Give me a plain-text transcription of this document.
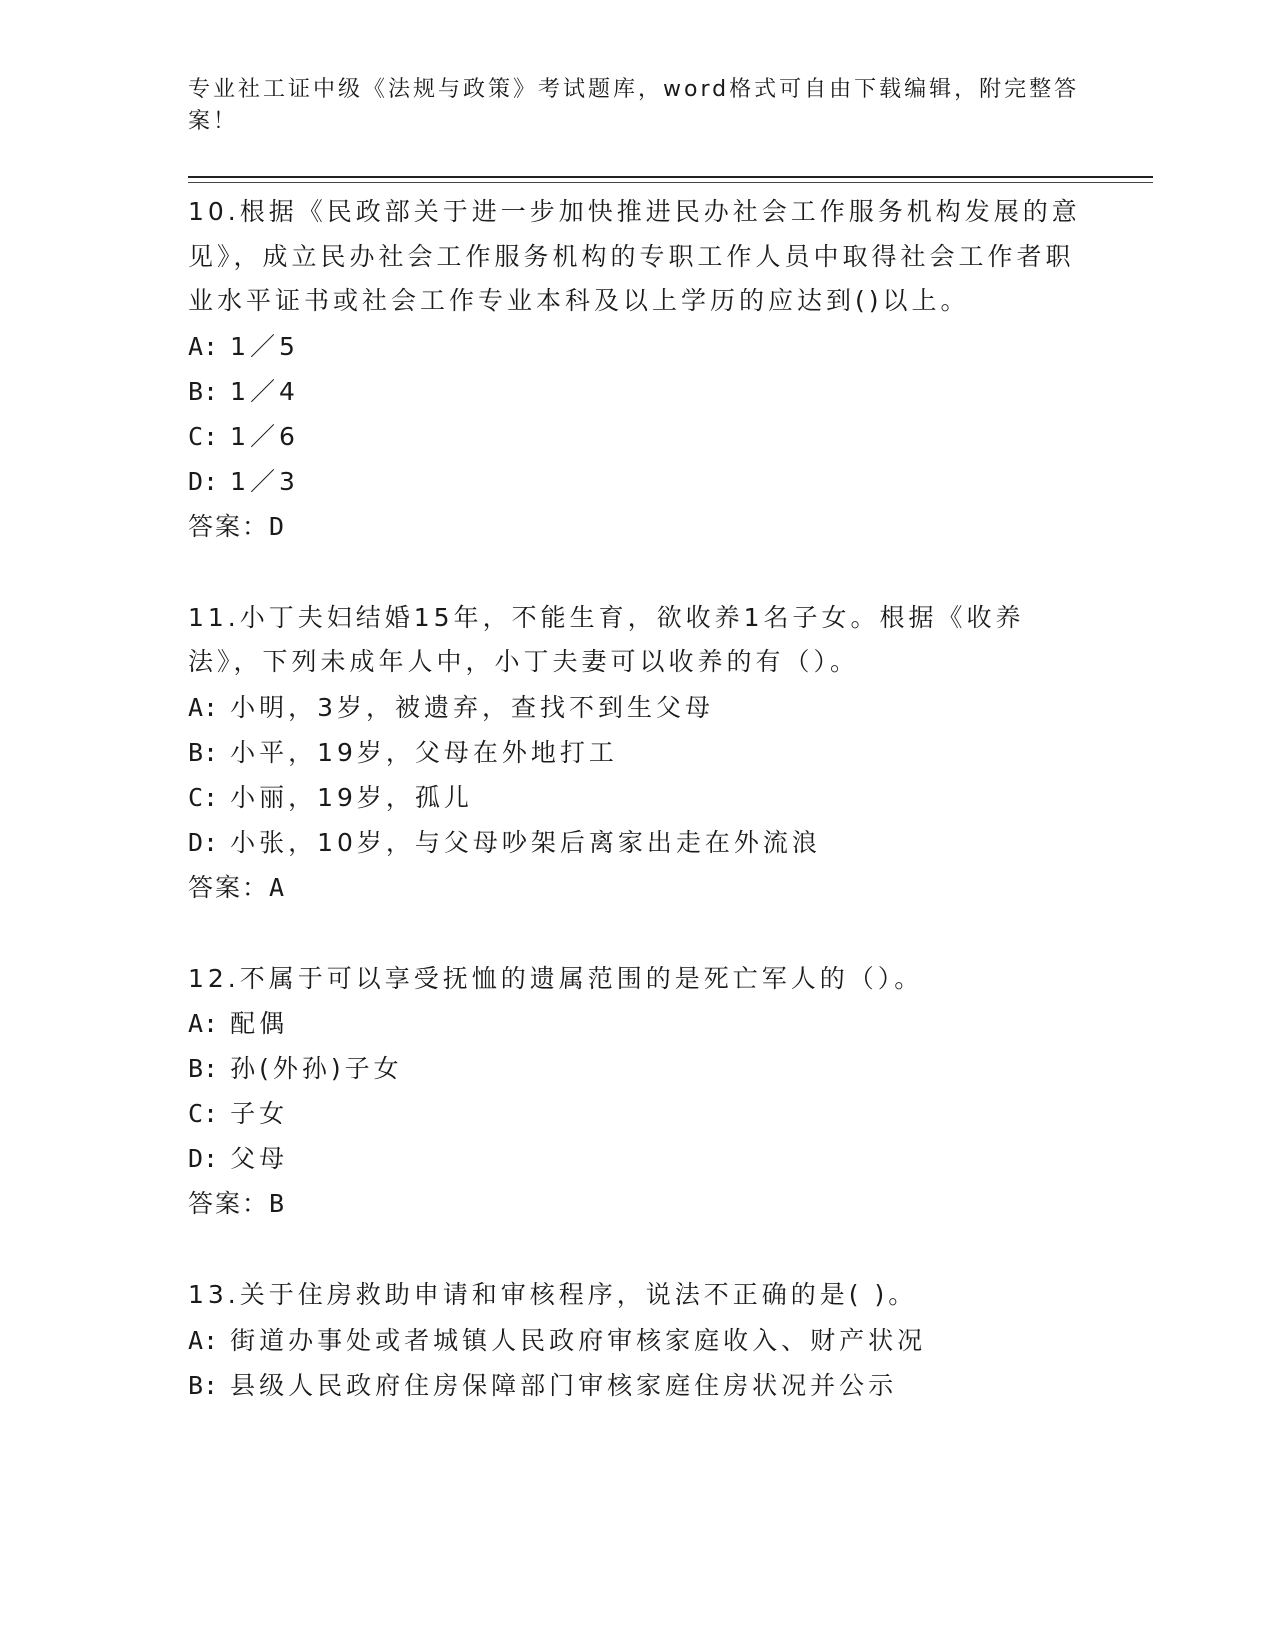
专业社工证中级《法规与政策》考试题库，word格式可自由下载编辑，附完整答案！

10.根据《民政部关于进一步加快推进民办社会工作服务机构发展的意见》，成立民办社会工作服务机构的专职工作人员中取得社会工作者职业水平证书或社会工作专业本科及以上学历的应达到()以上。

A: 1／5

B: 1／4

C: 1／6

D: 1／3

答案：D

11.小丁夫妇结婚15年，不能生育，欲收养1名子女。根据《收养法》，下列未成年人中，小丁夫妻可以收养的有（）。

A: 小明，3岁，被遗弃，查找不到生父母

B: 小平，19岁，父母在外地打工

C: 小丽，19岁，孤儿

D: 小张，10岁，与父母吵架后离家出走在外流浪

答案：A

12.不属于可以享受抚恤的遗属范围的是死亡军人的（）。

A: 配偶

B: 孙(外孙)子女

C: 子女

D: 父母

答案：B

13.关于住房救助申请和审核程序，说法不正确的是( )。

A: 街道办事处或者城镇人民政府审核家庭收入、财产状况

B: 县级人民政府住房保障部门审核家庭住房状况并公示
